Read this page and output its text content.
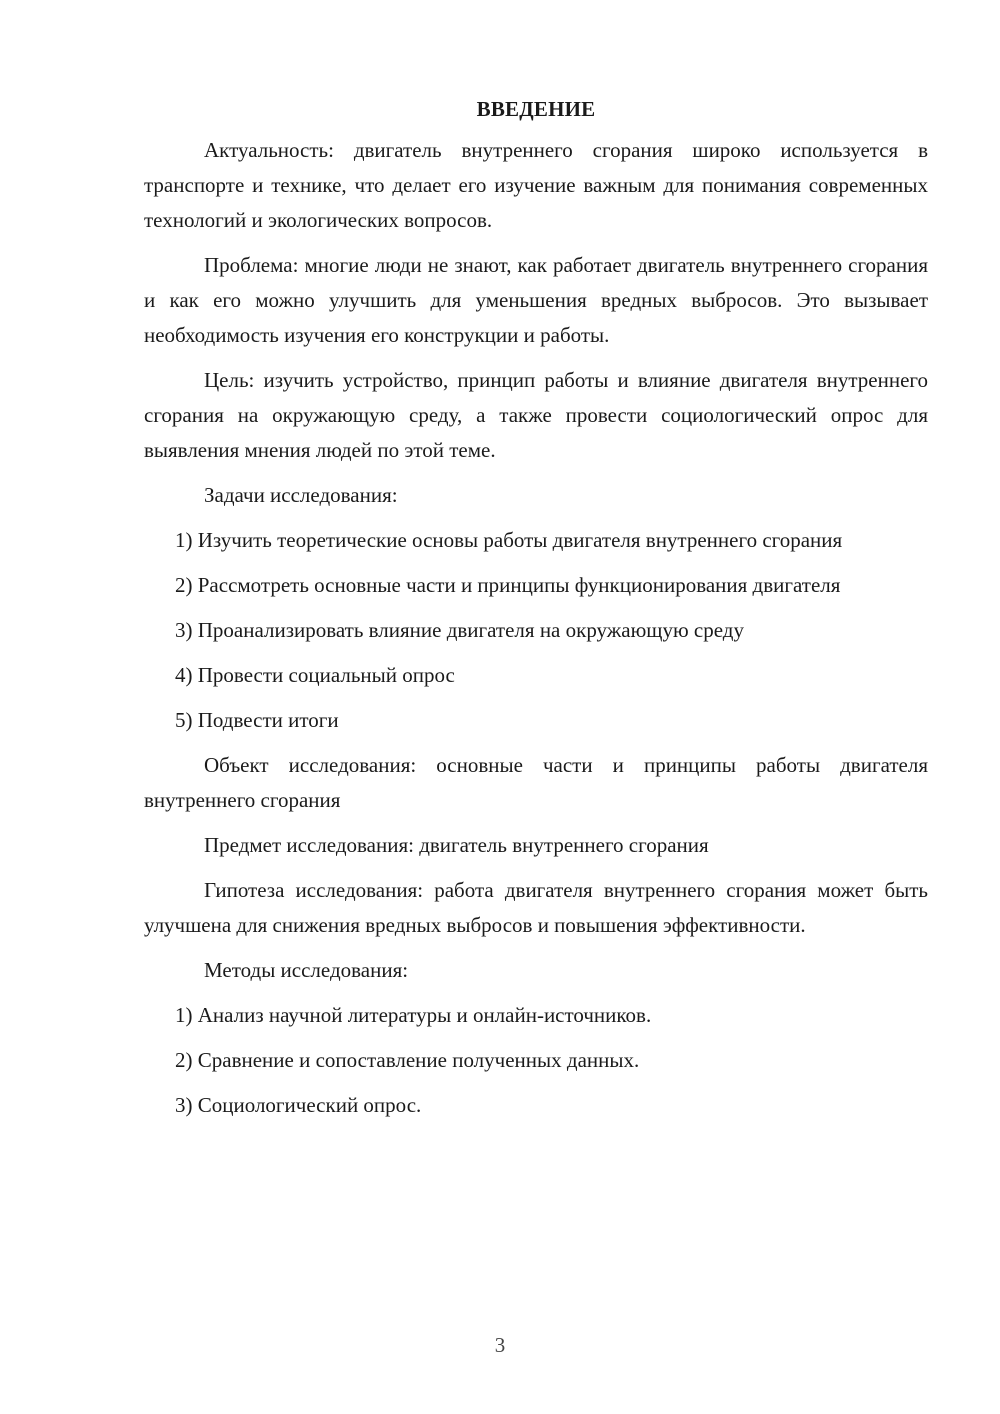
ВВЕДЕНИЕ

Актуальность: двигатель внутреннего сгорания широко используется в транспорте и технике, что делает его изучение важным для понимания современных технологий и экологических вопросов.

Проблема: многие люди не знают, как работает двигатель внутреннего сгорания и как его можно улучшить для уменьшения вредных выбросов. Это вызывает необходимость изучения его конструкции и работы.

Цель: изучить устройство, принцип работы и влияние двигателя внутреннего сгорания на окружающую среду, а также провести социологический опрос для выявления мнения людей по этой теме.

Задачи исследования:

1) Изучить теоретические основы работы двигателя внутреннего сгорания

2) Рассмотреть основные части и принципы функционирования двигателя

3) Проанализировать влияние двигателя на окружающую среду

4) Провести социальный опрос

5) Подвести итоги

Объект исследования: основные части и принципы работы двигателя внутреннего сгорания

Предмет исследования: двигатель внутреннего сгорания

Гипотеза исследования: работа двигателя внутреннего сгорания может быть улучшена для снижения вредных выбросов и повышения эффективности.

Методы исследования:

1) Анализ научной литературы и онлайн-источников.

2) Сравнение и сопоставление полученных данных.

3) Социологический опрос.

3
